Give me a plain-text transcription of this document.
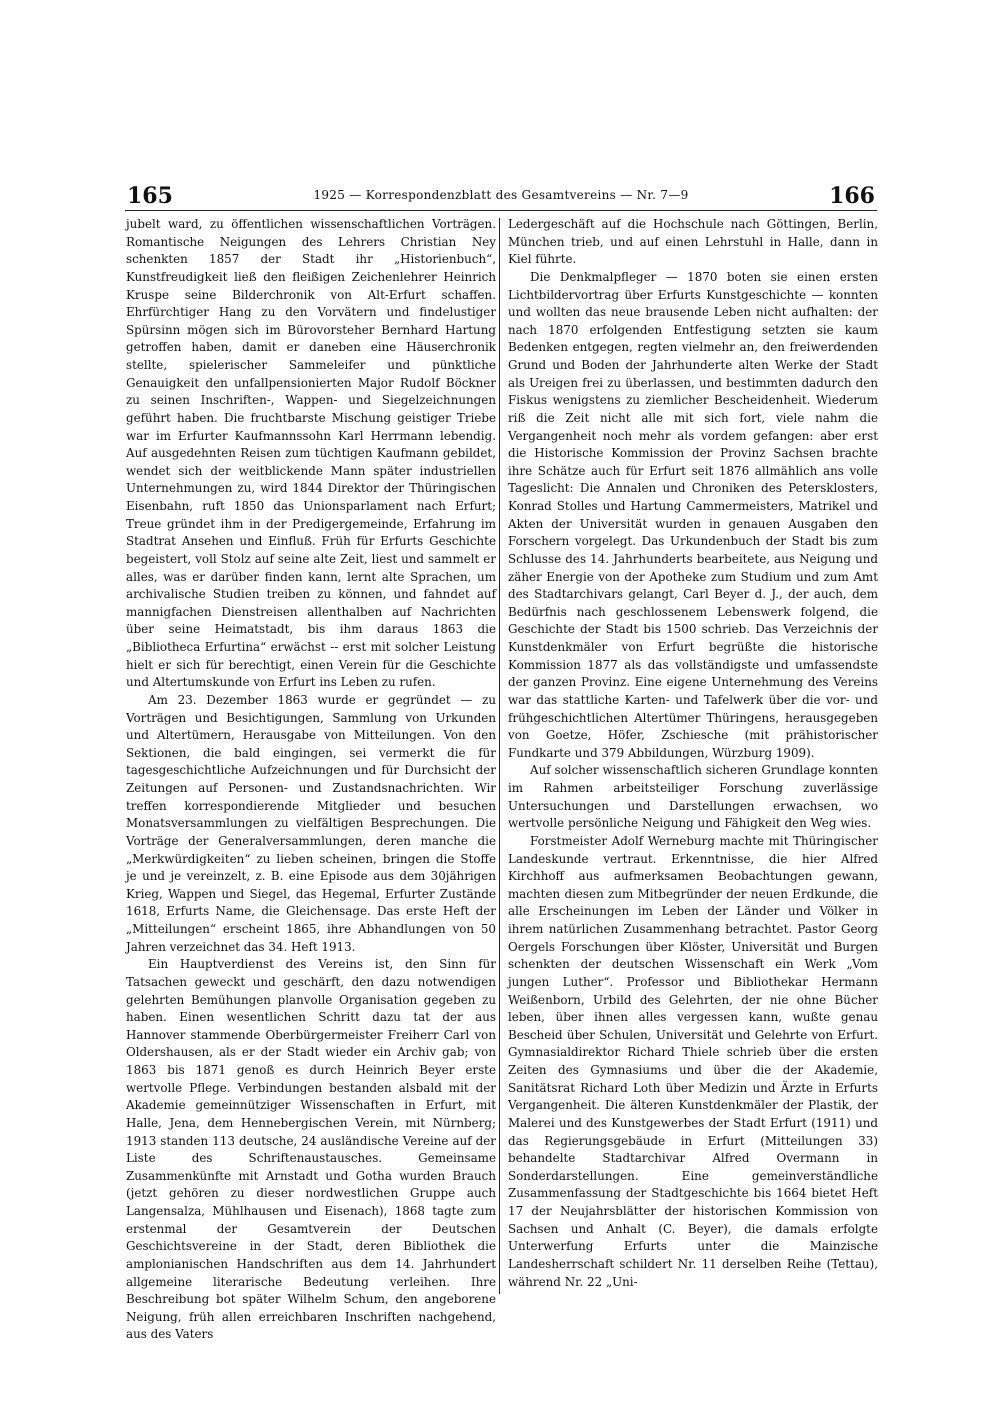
165	1925 — Korrespondenzblatt des Gesamtvereins — Nr. 7—9	166

jubelt ward, zu öffentlichen wissenschaftlichen Vorträgen. Romantische Neigungen des Lehrers Christian Ney schenkten 1857 der Stadt ihr „Historienbuch“, Kunstfreudigkeit ließ den fleißigen Zeichenlehrer Heinrich Kruspe seine Bilderchronik von Alt-Erfurt schaffen. Ehrfürchtiger Hang zu den Vorvätern und findelustiger Spürsinn mögen sich im Bürovorsteher Bernhard Hartung getroffen haben, damit er daneben eine Häuserchronik stellte, spielerischer Sammeleifer und pünktliche Genauigkeit den unfallpensionierten Major Rudolf Böckner zu seinen Inschriften-, Wappen- und Siegelzeichnungen geführt haben. Die fruchtbarste Mischung geistiger Triebe war im Erfurter Kaufmannssohn Karl Herrmann lebendig. Auf ausgedehnten Reisen zum tüchtigen Kaufmann gebildet, wendet sich der weitblickende Mann später industriellen Unternehmungen zu, wird 1844 Direktor der Thüringischen Eisenbahn, ruft 1850 das Unionsparlament nach Erfurt; Treue gründet ihm in der Predigergemeinde, Erfahrung im Stadtrat Ansehen und Einfluß. Früh für Erfurts Geschichte begeistert, voll Stolz auf seine alte Zeit, liest und sammelt er alles, was er darüber finden kann, lernt alte Sprachen, um archivalische Studien treiben zu können, und fahndet auf mannigfachen Dienstreisen allenthalben auf Nachrichten über seine Heimatstadt, bis ihm daraus 1863 die „Bibliotheca Erfurtina“ erwächst -- erst mit solcher Leistung hielt er sich für berechtigt, einen Verein für die Geschichte und Altertumskunde von Erfurt ins Leben zu rufen.

Am 23. Dezember 1863 wurde er gegründet — zu Vorträgen und Besichtigungen, Sammlung von Urkunden und Altertümern, Herausgabe von Mitteilungen. Von den Sektionen, die bald eingingen, sei vermerkt die für tagesgeschichtliche Aufzeichnungen und für Durchsicht der Zeitungen auf Personen- und Zustandsnachrichten. Wir treffen korrespondierende Mitglieder und besuchen Monatsversammlungen zu vielfältigen Besprechungen. Die Vorträge der Generalversammlungen, deren manche die „Merkwürdigkeiten“ zu lieben scheinen, bringen die Stoffe je und je vereinzelt, z. B. eine Episode aus dem 30jährigen Krieg, Wappen und Siegel, das Hegemal, Erfurter Zustände 1618, Erfurts Name, die Gleichensage. Das erste Heft der „Mitteilungen“ erscheint 1865, ihre Abhandlungen von 50 Jahren verzeichnet das 34. Heft 1913.

Ein Hauptverdienst des Vereins ist, den Sinn für Tatsachen geweckt und geschärft, den dazu notwendigen gelehrten Bemühungen planvolle Organisation gegeben zu haben. Einen wesentlichen Schritt dazu tat der aus Hannover stammende Oberbürgermeister Freiherr Carl von Oldershausen, als er der Stadt wieder ein Archiv gab; von 1863 bis 1871 genoß es durch Heinrich Beyer erste wertvolle Pflege. Verbindungen bestanden alsbald mit der Akademie gemeinnütziger Wissenschaften in Erfurt, mit Halle, Jena, dem Hennebergischen Verein, mit Nürnberg; 1913 standen 113 deutsche, 24 ausländische Vereine auf der Liste des Schriftenaustausches. Gemeinsame Zusammenkünfte mit Arnstadt und Gotha wurden Brauch (jetzt gehören zu dieser nordwestlichen Gruppe auch Langensalza, Mühlhausen und Eisenach), 1868 tagte zum erstenmal der Gesamtverein der Deutschen Geschichtsvereine in der Stadt, deren Bibliothek die amplonianischen Handschriften aus dem 14. Jahrhundert allgemeine literarische Bedeutung verleihen. Ihre Beschreibung bot später Wilhelm Schum, den angeborene Neigung, früh allen erreichbaren Inschriften nachgehend, aus des Vaters

Ledergeschäft auf die Hochschule nach Göttingen, Berlin, München trieb, und auf einen Lehrstuhl in Halle, dann in Kiel führte.

Die Denkmalpfleger — 1870 boten sie einen ersten Lichtbildervortrag über Erfurts Kunstgeschichte — konnten und wollten das neue brausende Leben nicht aufhalten: der nach 1870 erfolgenden Entfestigung setzten sie kaum Bedenken entgegen, regten vielmehr an, den freiwerdenden Grund und Boden der Jahrhunderte alten Werke der Stadt als Ureigen frei zu überlassen, und bestimmten dadurch den Fiskus wenigstens zu ziemlicher Bescheidenheit. Wiederum riß die Zeit nicht alle mit sich fort, viele nahm die Vergangenheit noch mehr als vordem gefangen: aber erst die Historische Kommission der Provinz Sachsen brachte ihre Schätze auch für Erfurt seit 1876 allmählich ans volle Tageslicht: Die Annalen und Chroniken des Petersklosters, Konrad Stolles und Hartung Cammermeisters, Matrikel und Akten der Universität wurden in genauen Ausgaben den Forschern vorgelegt. Das Urkundenbuch der Stadt bis zum Schlusse des 14. Jahrhunderts bearbeitete, aus Neigung und zäher Energie von der Apotheke zum Studium und zum Amt des Stadtarchivars gelangt, Carl Beyer d. J., der auch, dem Bedürfnis nach geschlossenem Lebenswerk folgend, die Geschichte der Stadt bis 1500 schrieb. Das Verzeichnis der Kunstdenkmäler von Erfurt begrüßte die historische Kommission 1877 als das vollständigste und umfassendste der ganzen Provinz. Eine eigene Unternehmung des Vereins war das stattliche Karten- und Tafelwerk über die vor- und frühgeschichtlichen Altertümer Thüringens, herausgegeben von Goetze, Höfer, Zschiesche (mit prähistorischer Fundkarte und 379 Abbildungen, Würzburg 1909).

Auf solcher wissenschaftlich sicheren Grundlage konnten im Rahmen arbeitsteiliger Forschung zuverlässige Untersuchungen und Darstellungen erwachsen, wo wertvolle persönliche Neigung und Fähigkeit den Weg wies.

Forstmeister Adolf Werneburg machte mit Thüringischer Landeskunde vertraut. Erkenntnisse, die hier Alfred Kirchhoff aus aufmerksamen Beobachtungen gewann, machten diesen zum Mitbegründer der neuen Erdkunde, die alle Erscheinungen im Leben der Länder und Völker in ihrem natürlichen Zusammenhang betrachtet. Pastor Georg Oergels Forschungen über Klöster, Universität und Burgen schenkten der deutschen Wissenschaft ein Werk „Vom jungen Luther“. Professor und Bibliothekar Hermann Weißenborn, Urbild des Gelehrten, der nie ohne Bücher leben, über ihnen alles vergessen kann, wußte genau Bescheid über Schulen, Universität und Gelehrte von Erfurt. Gymnasialdirektor Richard Thiele schrieb über die ersten Zeiten des Gymnasiums und über die der Akademie, Sanitätsrat Richard Loth über Medizin und Ärzte in Erfurts Vergangenheit. Die älteren Kunstdenkmäler der Plastik, der Malerei und des Kunstgewerbes der Stadt Erfurt (1911) und das Regierungsgebäude in Erfurt (Mitteilungen 33) behandelte Stadtarchivar Alfred Overmann in Sonderdarstellungen. Eine gemeinverständliche Zusammenfassung der Stadtgeschichte bis 1664 bietet Heft 17 der Neujahrsblätter der historischen Kommission von Sachsen und Anhalt (C. Beyer), die damals erfolgte Unterwerfung Erfurts unter die Mainzische Landesherrschaft schildert Nr. 11 derselben Reihe (Tettau), während Nr. 22 „Uni-
